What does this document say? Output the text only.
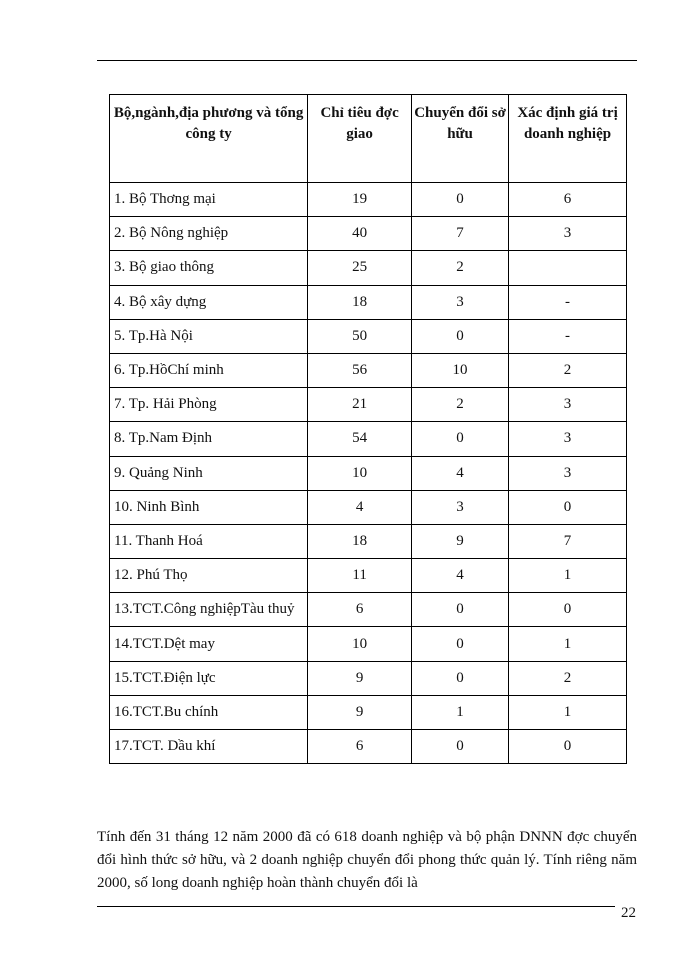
Bộ,ngành,địa phương và tổng công ty	Chỉ tiêu đợc giao	Chuyển đổi sở hữu	Xác định giá trị doanh nghiệp
1. Bộ Thơng mại	19	0	6
2. Bộ Nông nghiệp	40	7	3
3. Bộ giao thông	25	2	
4. Bộ xây dựng	18	3	-
5. Tp.Hà Nội	50	0	-
6. Tp.HồChí minh	56	10	2
7. Tp. Hải Phòng	21	2	3
8. Tp.Nam Định	54	0	3
9. Quảng Ninh	10	4	3
10. Ninh Bình	4	3	0
11. Thanh Hoá	18	9	7
12. Phú Thọ	11	4	1
13.TCT.Công nghiệpTàu thuỷ	6	0	0
14.TCT.Dệt may	10	0	1
15.TCT.Điện lực	9	0	2
16.TCT.Bu chính	9	1	1
17.TCT. Dầu khí	6	0	0

Tính đến 31 tháng 12 năm 2000 đã có 618 doanh nghiệp và bộ phận DNNN đợc chuyển đổi hình thức sở hữu, và 2 doanh nghiệp chuyển đổi phong thức quản lý. Tính riêng năm 2000, số long doanh nghiệp hoàn thành chuyển đổi là

22
